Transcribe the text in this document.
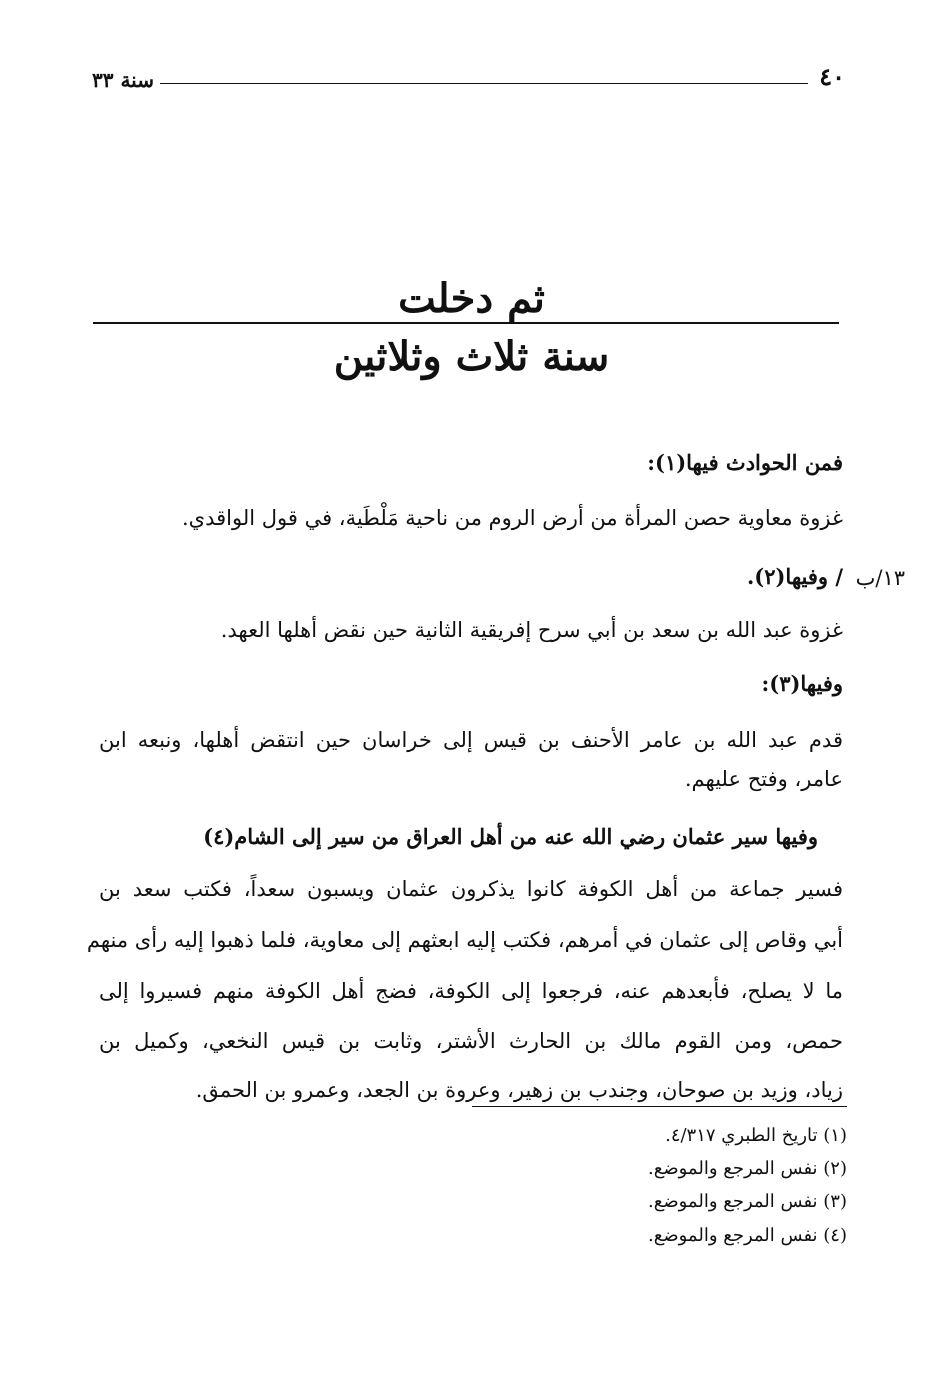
٤٠
سنة ٣٣
ثم دخلت
سنة ثلاث وثلاثين
١٣/ب
فمن الحوادث فيها(١):
غزوة معاوية حصن المرأة من أرض الروم من ناحية مَلْطَية، في قول الواقدي.
/ وفيها(٢).
غزوة عبد الله بن سعد بن أبي سرح إفريقية الثانية حين نقض أهلها العهد.
وفيها(٣):
قدم عبد الله بن عامر الأحنف بن قيس إلى خراسان حين انتقض أهلها، ونبعه ابن
عامر، وفتح عليهم.
وفيها سير عثمان رضي الله عنه من أهل العراق من سير إلى الشام(٤)
فسير جماعة من أهل الكوفة كانوا يذكرون عثمان ويسبون سعداً، فكتب سعد بن
أبي وقاص إلى عثمان في أمرهم، فكتب إليه ابعثهم إلى معاوية، فلما ذهبوا إليه رأى منهم
ما لا يصلح، فأبعدهم عنه، فرجعوا إلى الكوفة، فضج أهل الكوفة منهم فسيروا إلى
حمص، ومن القوم مالك بن الحارث الأشتر، وثابت بن قيس النخعي، وكميل بن
زياد، وزيد بن صوحان، وجندب بن زهير، وعروة بن الجعد، وعمرو بن الحمق.
(١) تاريخ الطبري ٤/٣١٧.
(٢) نفس المرجع والموضع.
(٣) نفس المرجع والموضع.
(٤) نفس المرجع والموضع.
